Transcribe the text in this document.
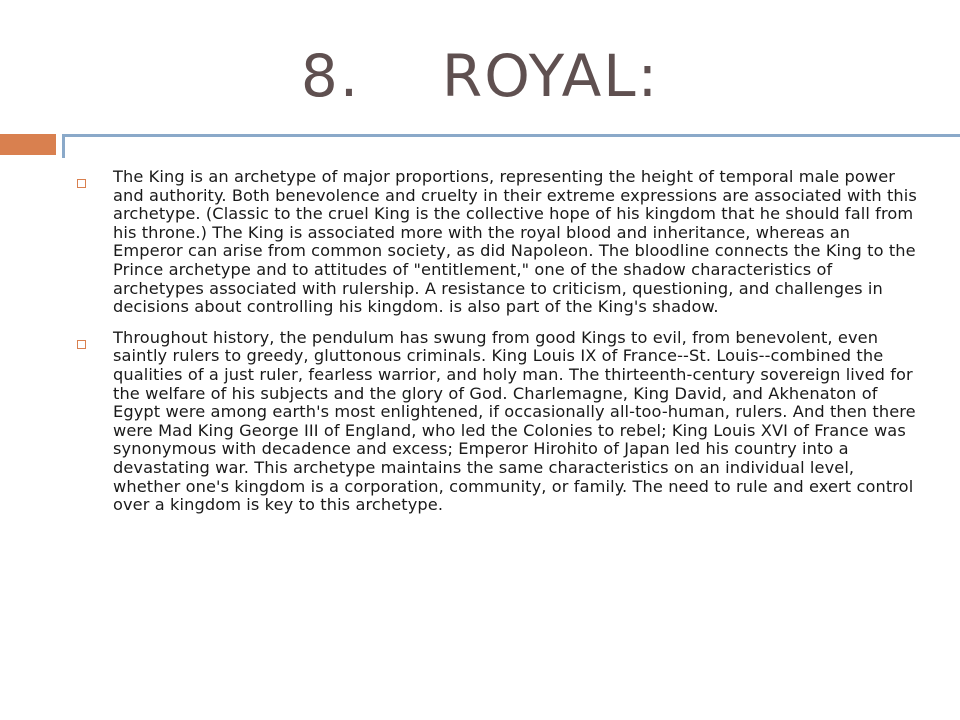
8.    ROYAL:

The King is an archetype of major proportions, representing the height of temporal male power and authority. Both benevolence and cruelty in their extreme expressions are associated with this archetype. (Classic to the cruel King is the collective hope of his kingdom that he should fall from his throne.) The King is associated more with the royal blood and inheritance, whereas an Emperor can arise from common society, as did Napoleon. The bloodline connects the King to the Prince archetype and to attitudes of "entitlement," one of the shadow characteristics of archetypes associated with rulership. A resistance to criticism, questioning, and challenges in decisions about controlling his kingdom. is also part of the King's shadow.

Throughout history, the pendulum has swung from good Kings to evil, from benevolent, even saintly rulers to greedy, gluttonous criminals. King Louis IX of France--St. Louis--combined the qualities of a just ruler, fearless warrior, and holy man. The thirteenth-century sovereign lived for the welfare of his subjects and the glory of God. Charlemagne, King David, and Akhenaton of Egypt were among earth's most enlightened, if occasionally all-too-human, rulers. And then there were Mad King George III of England, who led the Colonies to rebel; King Louis XVI of France was synonymous with decadence and excess; Emperor Hirohito of Japan led his country into a devastating war. This archetype maintains the same characteristics on an individual level, whether one's kingdom is a corporation, community, or family. The need to rule and exert control over a kingdom is key to this archetype.
